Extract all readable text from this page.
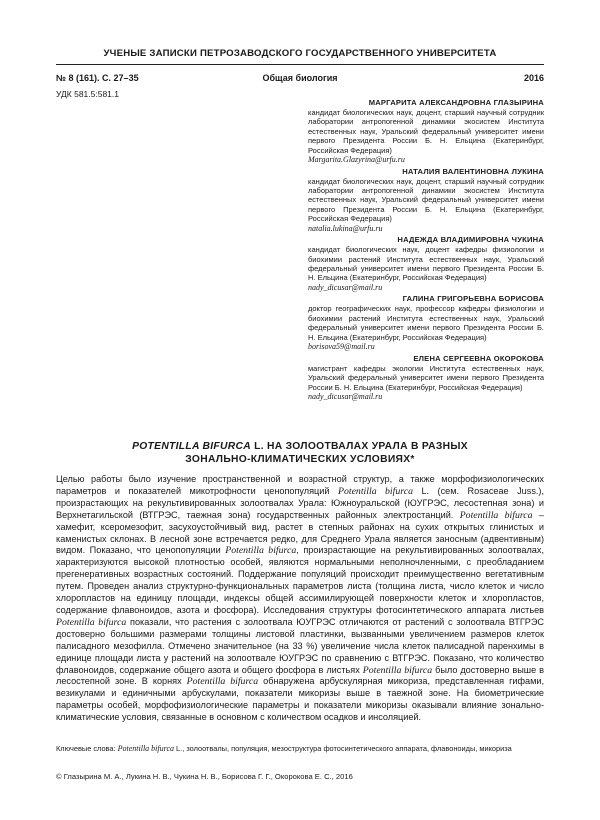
УЧЕНЫЕ ЗАПИСКИ ПЕТРОЗАВОДСКОГО ГОСУДАРСТВЕННОГО УНИВЕРСИТЕТА
№ 8 (161). С. 27–35	Общая биология	2016
УДК 581.5:581.1
МАРГАРИТА АЛЕКСАНДРОВНА ГЛАЗЫРИНА
кандидат биологических наук, доцент, старший научный сотрудник лаборатории антропогенной динамики экосистем Института естественных наук, Уральский федеральный университет имени первого Президента России Б. Н. Ельцина (Екатеринбург, Российская Федерация)
Margarita.Glazyrina@urfu.ru
НАТАЛИЯ ВАЛЕНТИНОВНА ЛУКИНА
кандидат биологических наук, доцент, старший научный сотрудник лаборатории антропогенной динамики экосистем Института естественных наук, Уральский федеральный университет имени первого Президента России Б. Н. Ельцина (Екатеринбург, Российская Федерация)
natalia.lukina@urfu.ru
НАДЕЖДА ВЛАДИМИРОВНА ЧУКИНА
кандидат биологических наук, доцент кафедры физиологии и биохимии растений Института естественных наук, Уральский федеральный университет имени первого Президента России Б. Н. Ельцина (Екатеринбург, Российская Федерация)
nady_dicusar@mail.ru
ГАЛИНА ГРИГОРЬЕВНА БОРИСОВА
доктор географических наук, профессор кафедры физиологии и биохимии растений Института естественных наук, Уральский федеральный университет имени первого Президента России Б. Н. Ельцина (Екатеринбург, Российская Федерация)
borisova59@mail.ru
ЕЛЕНА СЕРГЕЕВНА ОКОРОКОВА
магистрант кафедры экологии Института естественных наук, Уральский федеральный университет имени первого Президента России Б. Н. Ельцина (Екатеринбург, Российская Федерация)
nady_dicusar@mail.ru
POTENTILLA BIFURCA L. НА ЗОЛООТВАЛАХ УРАЛА В РАЗНЫХ
ЗОНАЛЬНО-КЛИМАТИЧЕСКИХ УСЛОВИЯХ*
Целью работы было изучение пространственной и возрастной структур, а также морфофизиологических параметров и показателей микотрофности ценопопуляций Potentilla bifurca L. (сем. Rosaceae Juss.), произрастающих на рекультивированных золоотвалах Урала: Южноуральской (ЮУГРЭС, лесостепная зона) и Верхнетагильской (ВТГРЭС, таежная зона) государственных районных электростанций. Potentilla bifurca – хамефит, ксеромезофит, засухоустойчивый вид, растет в степных районах на сухих открытых глинистых и каменистых склонах. В лесной зоне встречается редко, для Среднего Урала является заносным (адвентивным) видом. Показано, что ценопопуляции Potentilla bifurca, произрастающие на рекультивированных золоотвалах, характеризуются высокой плотностью особей, являются нормальными неполночленными, с преобладанием прегенеративных возрастных состояний. Поддержание популяций происходит преимущественно вегетативным путем. Проведен анализ структурно-функциональных параметров листа (толщина листа, число клеток и число хлоропластов на единицу площади, индексы общей ассимилирующей поверхности клеток и хлоропластов, содержание флавоноидов, азота и фосфора). Исследования структуры фотосинтетического аппарата листьев Potentilla bifurca показали, что растения с золоотвала ЮУГРЭС отличаются от растений с золоотвала ВТГРЭС достоверно большими размерами толщины листовой пластинки, вызванными увеличением размеров клеток палисадного мезофилла. Отмечено значительное (на 33 %) увеличение числа клеток палисадной паренхимы в единице площади листа у растений на золоотвале ЮУГРЭС по сравнению с ВТГРЭС. Показано, что количество флавоноидов, содержание общего азота и общего фосфора в листьях Potentilla bifurca было достоверно выше в лесостепной зоне. В корнях Potentilla bifurca обнаружена арбускулярная микориза, представленная гифами, везикулами и единичными арбускулами, показатели микоризы выше в таежной зоне. На биометрические параметры особей, морфофизиологические параметры и показатели микоризы оказывали влияние зонально-климатические условия, связанные в основном с количеством осадков и инсоляцией.
Ключевые слова: Potentilla bifurca L., золоотвалы, популяция, мезоструктура фотосинтетического аппарата, флавоноиды, микориза
© Глазырина М. А., Лукина Н. В., Чукина Н. В., Борисова Г. Г., Окорокова Е. С., 2016
